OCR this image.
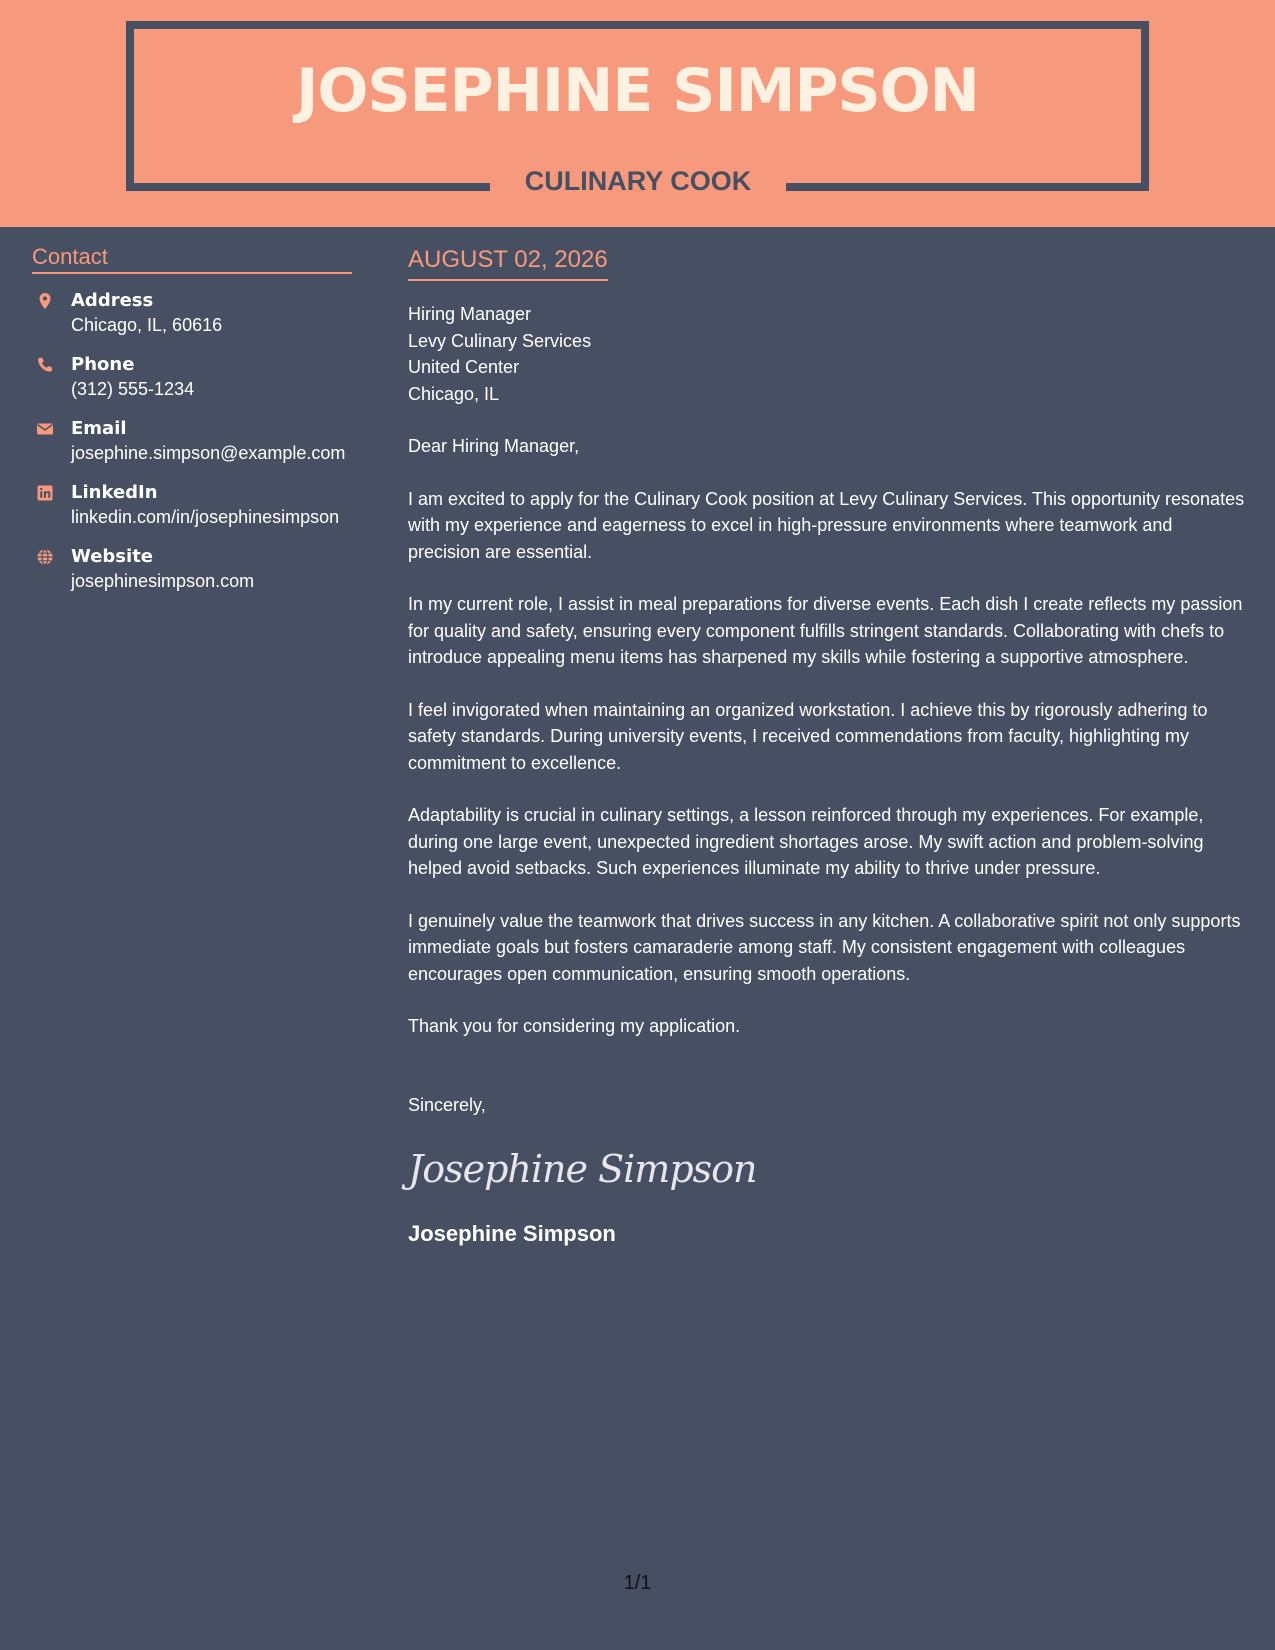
JOSEPHINE SIMPSON
CULINARY COOK
Contact
Address
Chicago, IL, 60616
Phone
(312) 555-1234
Email
josephine.simpson@example.com
LinkedIn
linkedin.com/in/josephinesimpson
Website
josephinesimpson.com
AUGUST 02, 2026
Hiring Manager
Levy Culinary Services
United Center
Chicago, IL
Dear Hiring Manager,
I am excited to apply for the Culinary Cook position at Levy Culinary Services. This opportunity resonates with my experience and eagerness to excel in high-pressure environments where teamwork and precision are essential.
In my current role, I assist in meal preparations for diverse events. Each dish I create reflects my passion for quality and safety, ensuring every component fulfills stringent standards. Collaborating with chefs to introduce appealing menu items has sharpened my skills while fostering a supportive atmosphere.
I feel invigorated when maintaining an organized workstation. I achieve this by rigorously adhering to safety standards. During university events, I received commendations from faculty, highlighting my commitment to excellence.
Adaptability is crucial in culinary settings, a lesson reinforced through my experiences. For example, during one large event, unexpected ingredient shortages arose. My swift action and problem-solving helped avoid setbacks. Such experiences illuminate my ability to thrive under pressure.
I genuinely value the teamwork that drives success in any kitchen. A collaborative spirit not only supports immediate goals but fosters camaraderie among staff. My consistent engagement with colleagues encourages open communication, ensuring smooth operations.
Thank you for considering my application.
Sincerely,
Josephine Simpson
Josephine Simpson
1/1
